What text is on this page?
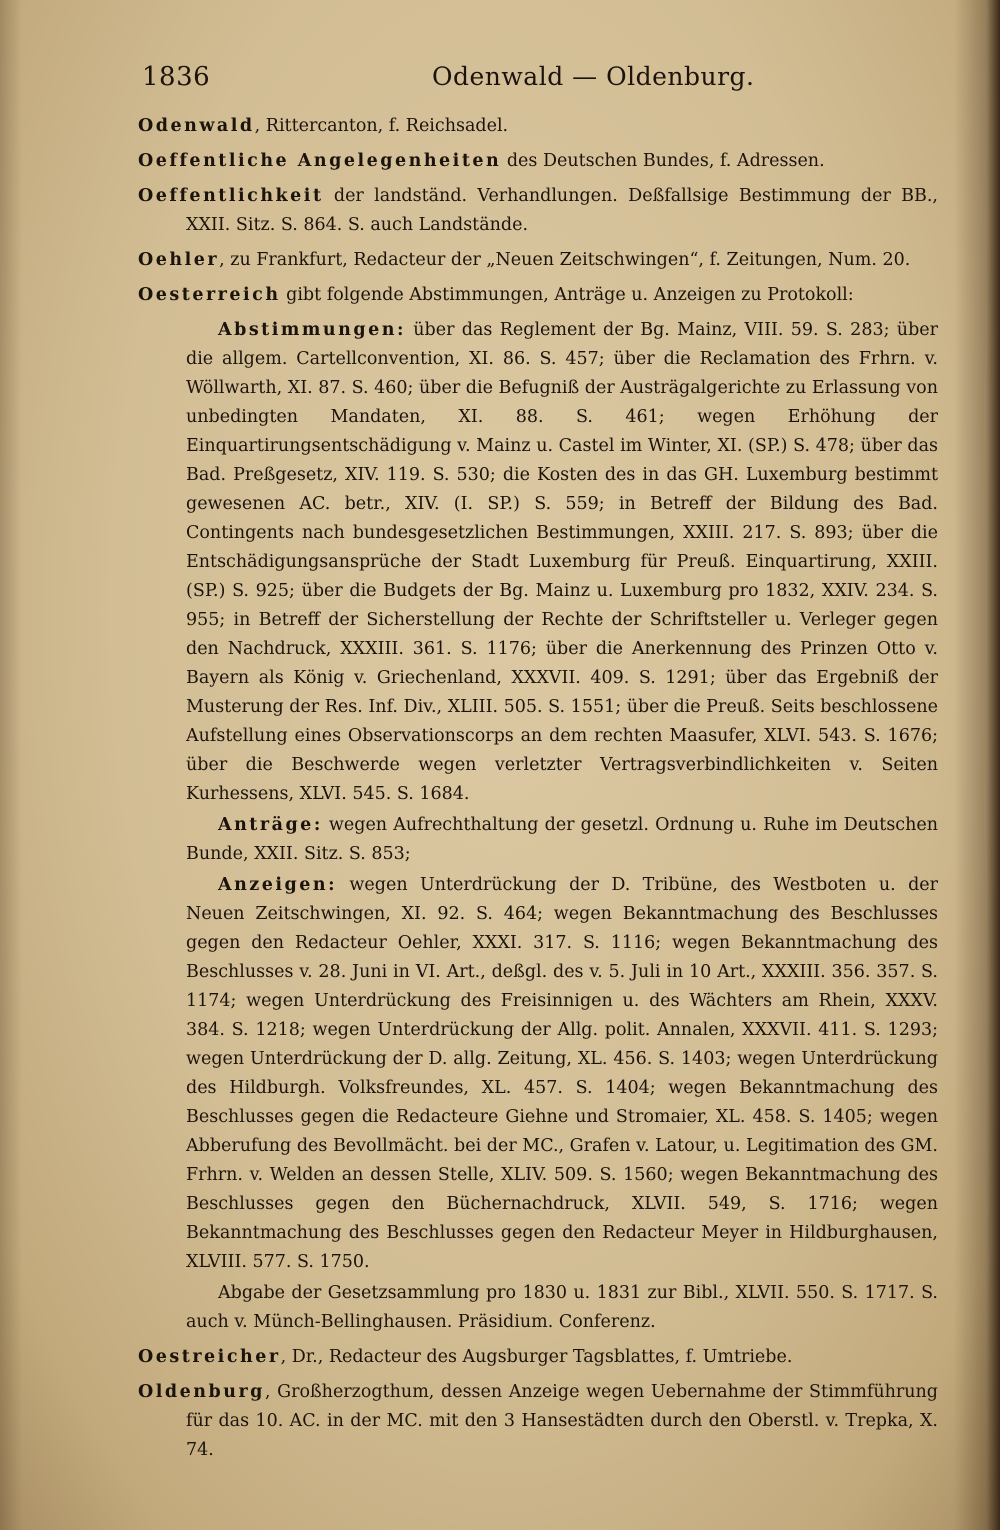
1836	Odenwald — Oldenburg.

Odenwald, Rittercanton, f. Reichsadel.

Oeffentliche Angelegenheiten des Deutschen Bundes, f. Adressen.

Oeffentlichkeit der landständ. Verhandlungen. Deßfallsige Bestimmung der BB., XXII. Sitz. S. 864. S. auch Landstände.

Oehler, zu Frankfurt, Redacteur der „Neuen Zeitschwingen“, f. Zeitungen, Num. 20.

Oesterreich gibt folgende Abstimmungen, Anträge u. Anzeigen zu Protokoll:

Abstimmungen: über das Reglement der Bg. Mainz, VIII. 59. S. 283; über die allgem. Cartellconvention, XI. 86. S. 457; über die Reclamation des Frhrn. v. Wöllwarth, XI. 87. S. 460; über die Befugniß der Austrägalgerichte zu Erlassung von unbedingten Mandaten, XI. 88. S. 461; wegen Erhöhung der Einquartirungsentschädigung v. Mainz u. Castel im Winter, XI. (SP.) S. 478; über das Bad. Preßgesetz, XIV. 119. S. 530; die Kosten des in das GH. Luxemburg bestimmt gewesenen AC. betr., XIV. (I. SP.) S. 559; in Betreff der Bildung des Bad. Contingents nach bundesgesetzlichen Bestimmungen, XXIII. 217. S. 893; über die Entschädigungsansprüche der Stadt Luxemburg für Preuß. Einquartirung, XXIII. (SP.) S. 925; über die Budgets der Bg. Mainz u. Luxemburg pro 1832, XXIV. 234. S. 955; in Betreff der Sicherstellung der Rechte der Schriftsteller u. Verleger gegen den Nachdruck, XXXIII. 361. S. 1176; über die Anerkennung des Prinzen Otto v. Bayern als König v. Griechenland, XXXVII. 409. S. 1291; über das Ergebniß der Musterung der Res. Inf. Div., XLIII. 505. S. 1551; über die Preuß. Seits beschlossene Aufstellung eines Observationscorps an dem rechten Maasufer, XLVI. 543. S. 1676; über die Beschwerde wegen verletzter Vertragsverbindlichkeiten v. Seiten Kurhessens, XLVI. 545. S. 1684.

Anträge: wegen Aufrechthaltung der gesetzl. Ordnung u. Ruhe im Deutschen Bunde, XXII. Sitz. S. 853;

Anzeigen: wegen Unterdrückung der D. Tribüne, des Westboten u. der Neuen Zeitschwingen, XI. 92. S. 464; wegen Bekanntmachung des Beschlusses gegen den Redacteur Oehler, XXXI. 317. S. 1116; wegen Bekanntmachung des Beschlusses v. 28. Juni in VI. Art., deßgl. des v. 5. Juli in 10 Art., XXXIII. 356. 357. S. 1174; wegen Unterdrückung des Freisinnigen u. des Wächters am Rhein, XXXV. 384. S. 1218; wegen Unterdrückung der Allg. polit. Annalen, XXXVII. 411. S. 1293; wegen Unterdrückung der D. allg. Zeitung, XL. 456. S. 1403; wegen Unterdrückung des Hildburgh. Volksfreundes, XL. 457. S. 1404; wegen Bekanntmachung des Beschlusses gegen die Redacteure Giehne und Stromaier, XL. 458. S. 1405; wegen Abberufung des Bevollmächt. bei der MC., Grafen v. Latour, u. Legitimation des GM. Frhrn. v. Welden an dessen Stelle, XLIV. 509. S. 1560; wegen Bekanntmachung des Beschlusses gegen den Büchernachdruck, XLVII. 549, S. 1716; wegen Bekanntmachung des Beschlusses gegen den Redacteur Meyer in Hildburghausen, XLVIII. 577. S. 1750.

Abgabe der Gesetzsammlung pro 1830 u. 1831 zur Bibl., XLVII. 550. S. 1717. S. auch v. Münch-Bellinghausen. Präsidium. Conferenz.

Oestreicher, Dr., Redacteur des Augsburger Tagsblattes, f. Umtriebe.

Oldenburg, Großherzogthum, dessen Anzeige wegen Uebernahme der Stimmführung für das 10. AC. in der MC. mit den 3 Hansestädten durch den Oberstl. v. Trepka, X. 74.
